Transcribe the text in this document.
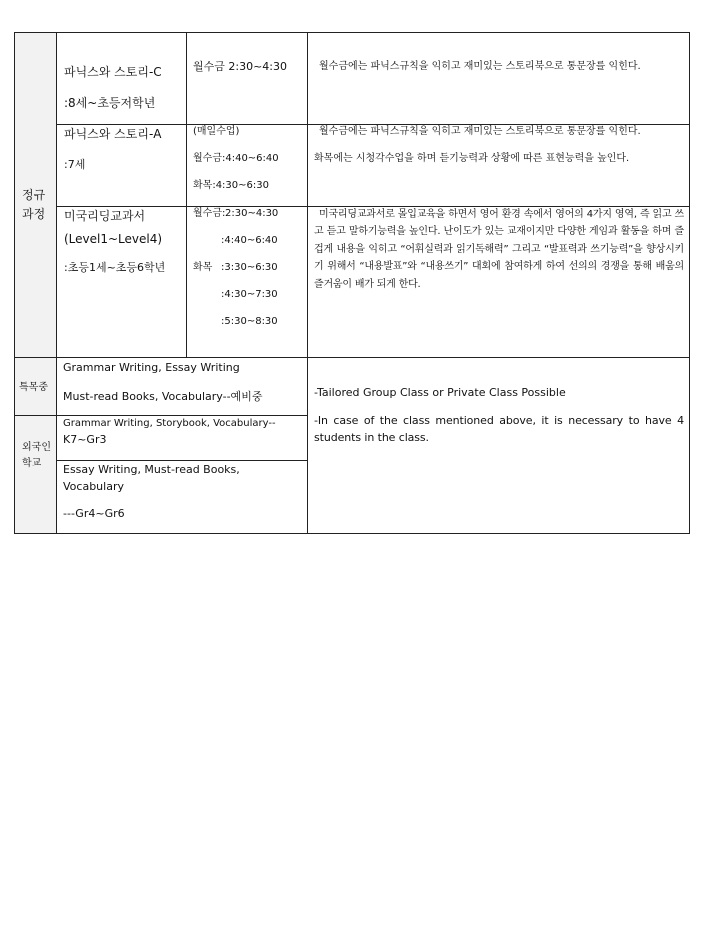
정규
과정
특목중
외국인
학교
파닉스와 스토리-C
:8세~초등저학년
월수금 2:30~4:30	월수금에는 파닉스규칙을 익히고 재미있는 스토리북으로 통문장를 익힌다.
파닉스와 스토리-A
:7세
(매일수업)
월수금:4:40~6:40
화목:4:30~6:30
월수금에는 파닉스규칙을 익히고 재미있는 스토리북으로 통문장를 익힌다.
화목에는 시청각수업을 하며 듣기능력과 상황에 따른 표현능력을 높인다.
미국리딩교과서
(Level1~Level4)
:초등1세~초등6학년
월수금: 2:30~4:30
:4:40~6:40
화목 :3:30~6:30
:4:30~7:30
:5:30~8:30
미국리딩교과서로 몰입교육을 하면서 영어 환경 속에서 영어의 4가지 영역, 즉 읽고 쓰고 듣고 말하기능력을 높인다. 난이도가 있는 교재이지만 다양한 게임과 활동을 하며 즐겁게 내용을 익히고 “어휘실력과 읽기독해력” 그리고 “발표력과 쓰기능력”을 향상시키기 위해서 “내용발표”와 “내용쓰기” 대회에 참여하게 하여 선의의 경쟁을 통해 배움의 즐거움이 배가 되게 한다.
Grammar Writing, Essay Writing
Must-read Books, Vocabulary--예비중
Grammar Writing, Storybook, Vocabulary--
K7~Gr3
Essay Writing, Must-read Books,
Vocabulary
---Gr4~Gr6
-Tailored Group Class or Private Class Possible
-In case of the class mentioned above, it is necessary to have 4 students in the class.
